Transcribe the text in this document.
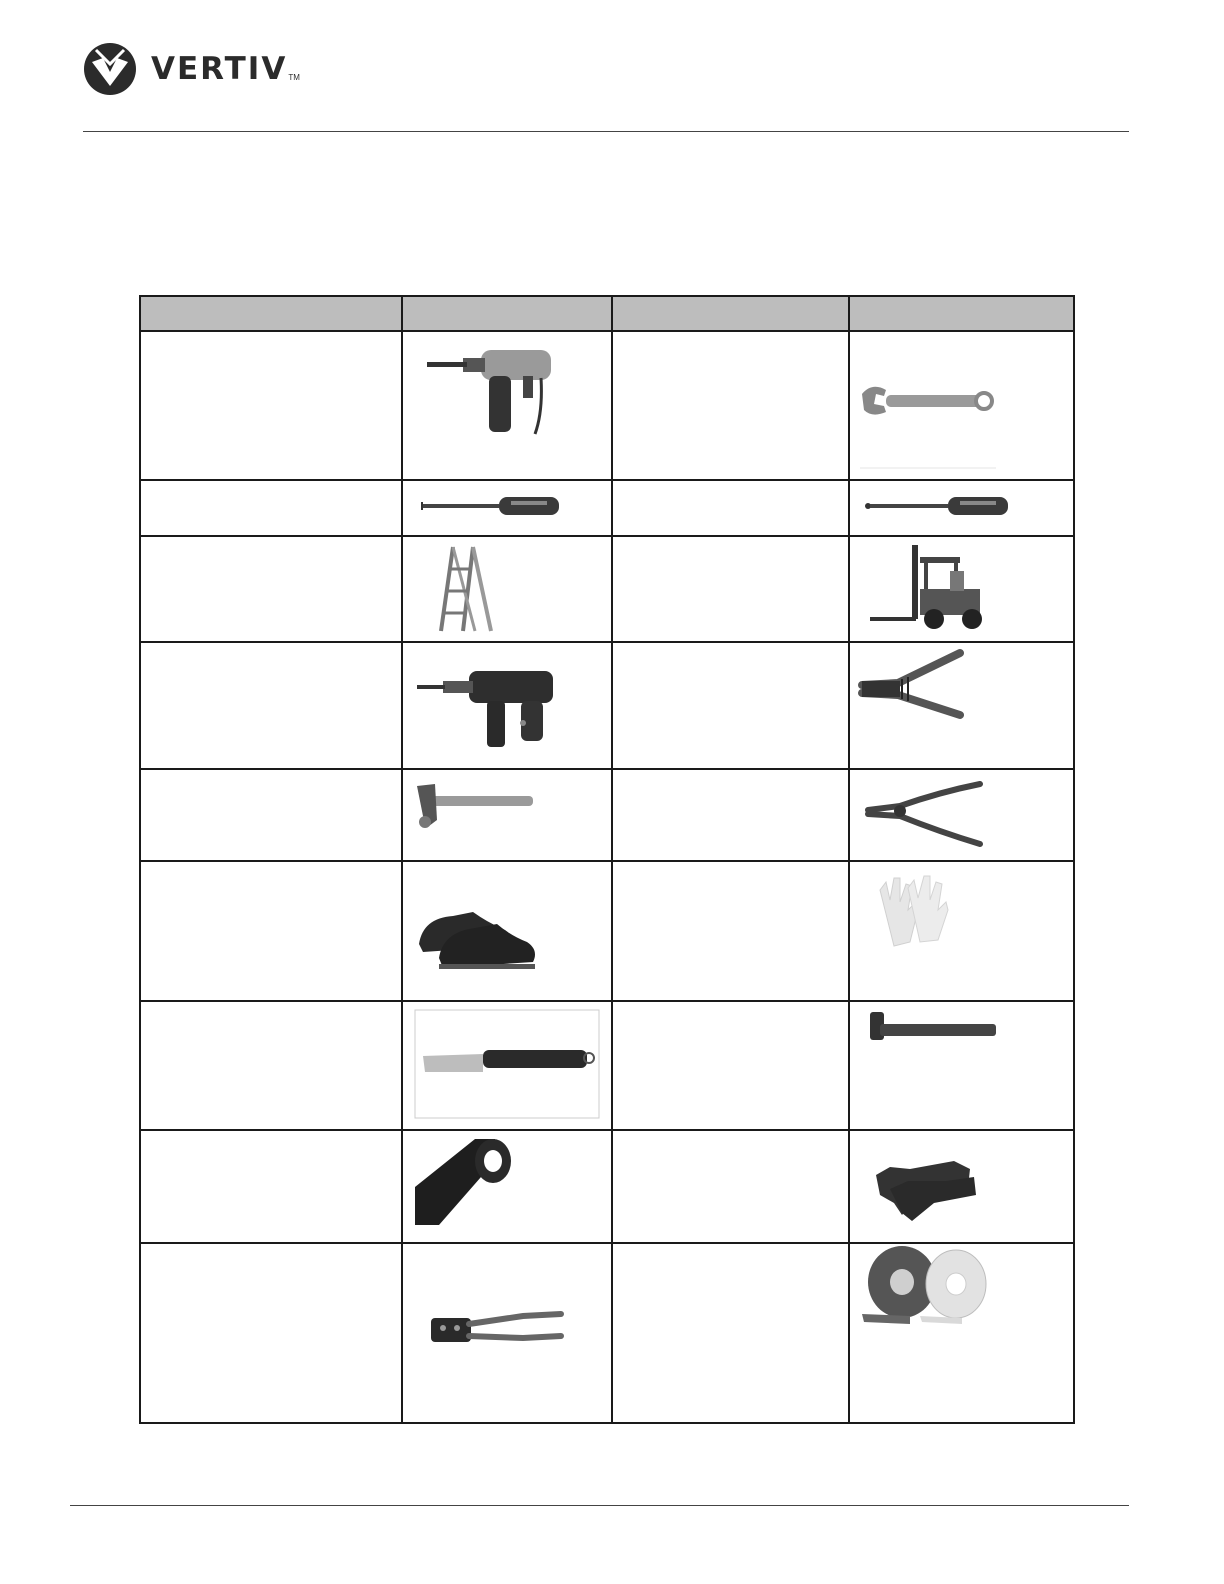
VERTIV TM
